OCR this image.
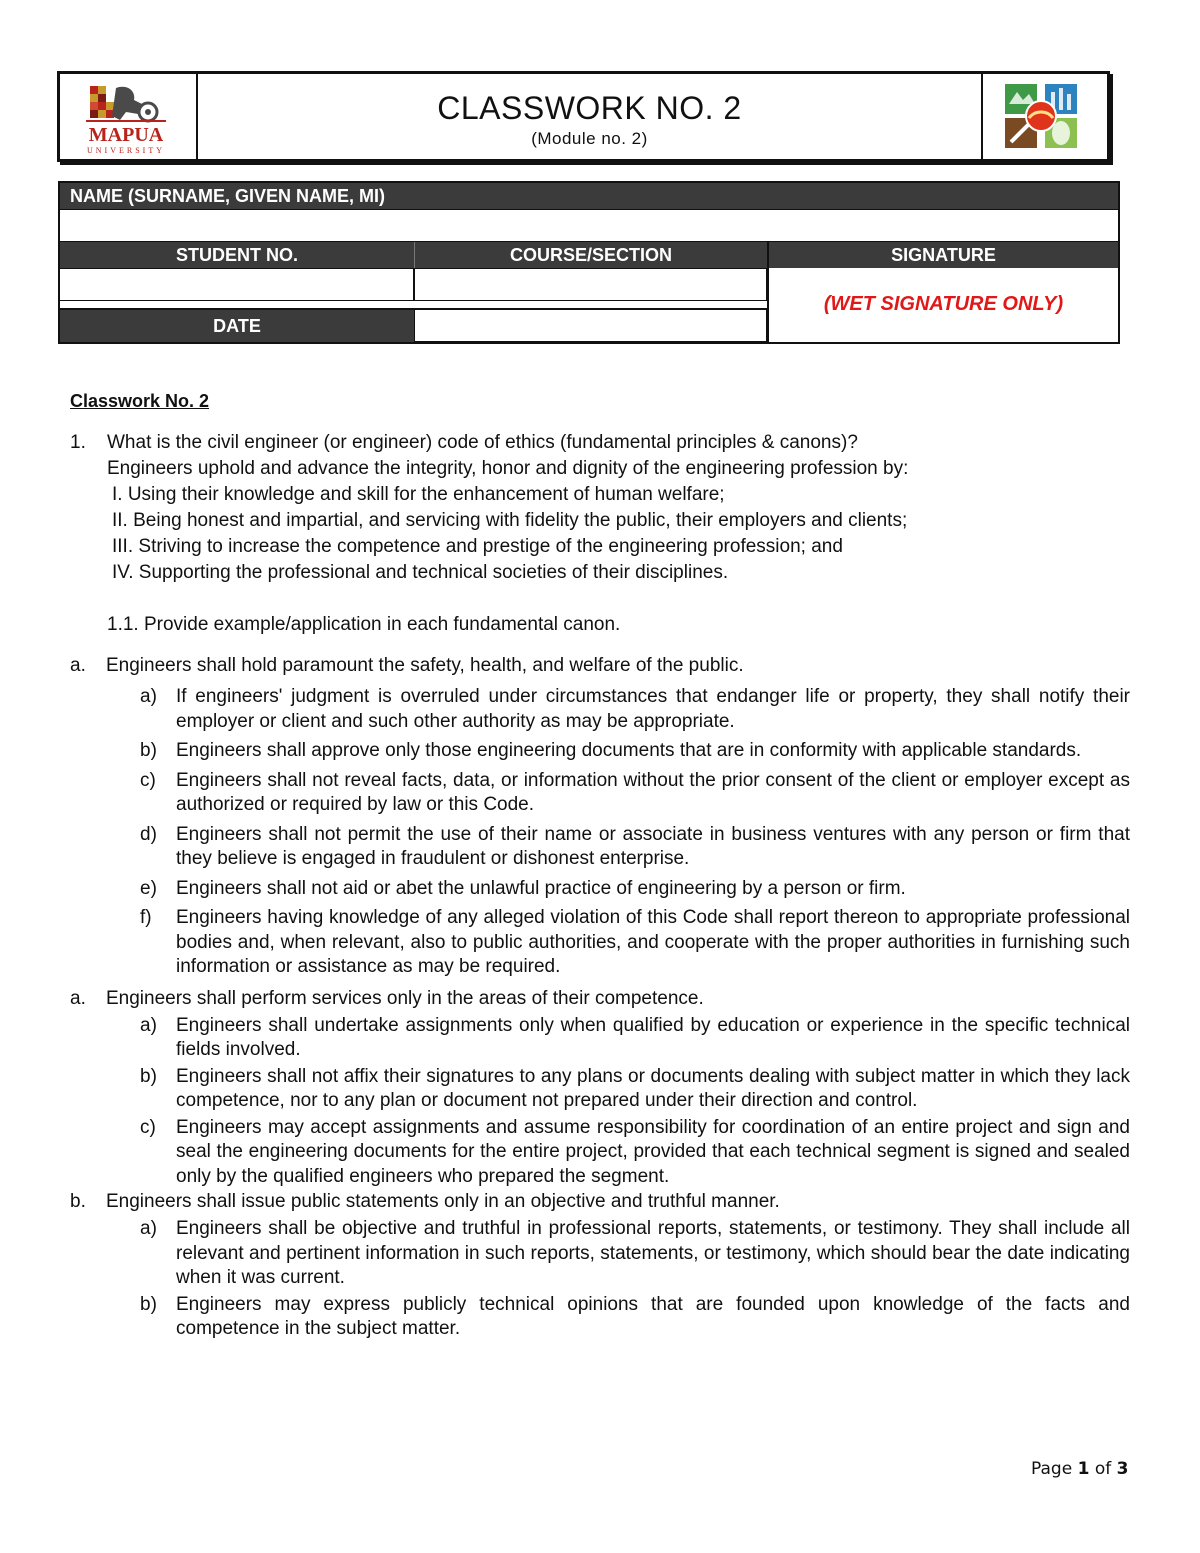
MAPUA
UNIVERSITY
CLASSWORK NO. 2
(Module no. 2)
NAME (SURNAME, GIVEN NAME, MI)
STUDENT NO.	COURSE/SECTION	SIGNATURE
(WET SIGNATURE ONLY)
DATE
Classwork No. 2
1. What is the civil engineer (or engineer) code of ethics (fundamental principles & canons)?

Engineers uphold and advance the integrity, honor and dignity of the engineering profession by:

I. Using their knowledge and skill for the enhancement of human welfare;

II. Being honest and impartial, and servicing with fidelity the public, their employers and clients;

III. Striving to increase the competence and prestige of the engineering profession; and

IV. Supporting the professional and technical societies of their disciplines.

1.1. Provide example/application in each fundamental canon.

a. Engineers shall hold paramount the safety, health, and welfare of the public.
a) If engineers' judgment is overruled under circumstances that endanger life or property, they shall notify their employer or client and such other authority as may be appropriate.
b) Engineers shall approve only those engineering documents that are in conformity with applicable standards.
c) Engineers shall not reveal facts, data, or information without the prior consent of the client or employer except as authorized or required by law or this Code.
d) Engineers shall not permit the use of their name or associate in business ventures with any person or firm that they believe is engaged in fraudulent or dishonest enterprise.
e) Engineers shall not aid or abet the unlawful practice of engineering by a person or firm.
f) Engineers having knowledge of any alleged violation of this Code shall report thereon to appropriate professional bodies and, when relevant, also to public authorities, and cooperate with the proper authorities in furnishing such information or assistance as may be required.
a. Engineers shall perform services only in the areas of their competence.
a) Engineers shall undertake assignments only when qualified by education or experience in the specific technical fields involved.
b) Engineers shall not affix their signatures to any plans or documents dealing with subject matter in which they lack competence, nor to any plan or document not prepared under their direction and control.
c) Engineers may accept assignments and assume responsibility for coordination of an entire project and sign and seal the engineering documents for the entire project, provided that each technical segment is signed and sealed only by the qualified engineers who prepared the segment.
b. Engineers shall issue public statements only in an objective and truthful manner.
a) Engineers shall be objective and truthful in professional reports, statements, or testimony. They shall include all relevant and pertinent information in such reports, statements, or testimony, which should bear the date indicating when it was current.
b) Engineers may express publicly technical opinions that are founded upon knowledge of the facts and competence in the subject matter.
Page 1 of 3
